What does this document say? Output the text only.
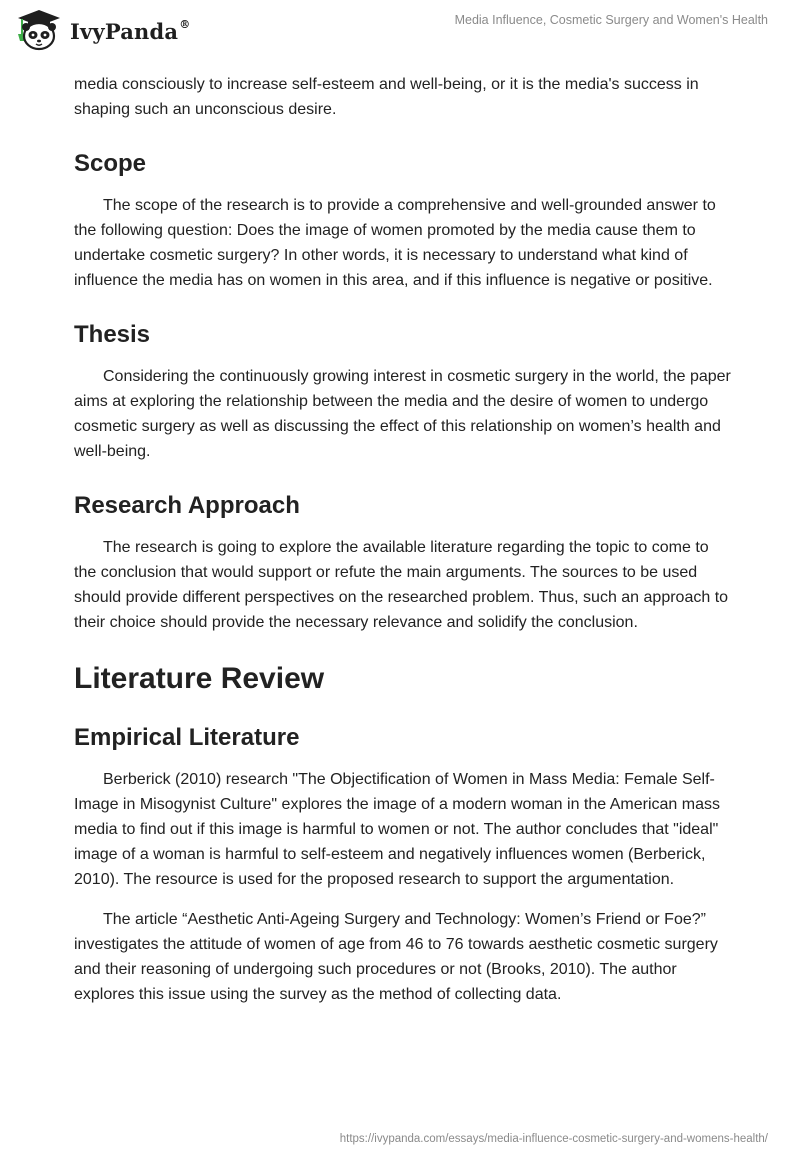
IvyPanda®	Media Influence, Cosmetic Surgery and Women's Health

media consciously to increase self-esteem and well-being, or it is the media's success in shaping such an unconscious desire.

Scope

The scope of the research is to provide a comprehensive and well-grounded answer to the following question: Does the image of women promoted by the media cause them to undertake cosmetic surgery? In other words, it is necessary to understand what kind of influence the media has on women in this area, and if this influence is negative or positive.

Thesis

Considering the continuously growing interest in cosmetic surgery in the world, the paper aims at exploring the relationship between the media and the desire of women to undergo cosmetic surgery as well as discussing the effect of this relationship on women’s health and well-being.

Research Approach

The research is going to explore the available literature regarding the topic to come to the conclusion that would support or refute the main arguments. The sources to be used should provide different perspectives on the researched problem. Thus, such an approach to their choice should provide the necessary relevance and solidify the conclusion.

Literature Review
Empirical Literature

Berberick (2010) research "The Objectification of Women in Mass Media: Female Self-Image in Misogynist Culture" explores the image of a modern woman in the American mass media to find out if this image is harmful to women or not. The author concludes that "ideal" image of a woman is harmful to self-esteem and negatively influences women (Berberick, 2010). The resource is used for the proposed research to support the argumentation.

The article “Aesthetic Anti-Ageing Surgery and Technology: Women’s Friend or Foe?” investigates the attitude of women of age from 46 to 76 towards aesthetic cosmetic surgery and their reasoning of undergoing such procedures or not (Brooks, 2010). The author explores this issue using the survey as the method of collecting data.

https://ivypanda.com/essays/media-influence-cosmetic-surgery-and-womens-health/
